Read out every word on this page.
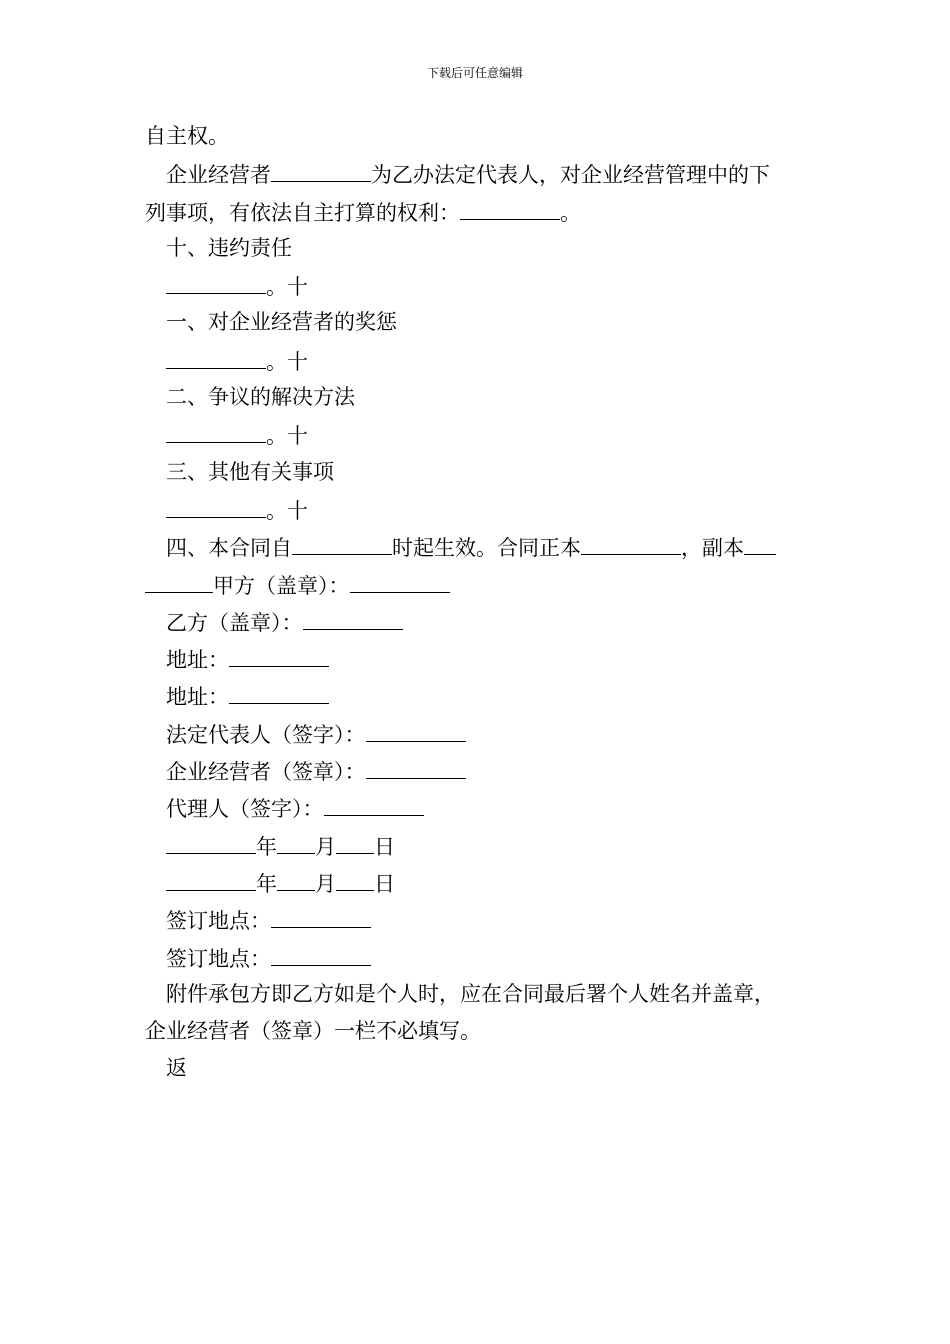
下载后可任意编辑
自主权。
企业经营者	为乙办法定代表人，对企业经营管理中的下
列事项，有依法自主打算的权利：	。
十、违约责任
。十
一、对企业经营者的奖惩
。十
二、争议的解决方法
。十
三、其他有关事项
。十
四、本合同自	时起生效。合同正本	，副本
甲方（盖章）：
乙方（盖章）：
地址：
地址：
法定代表人（签字）：
企业经营者（签章）：
代理人（签字）：
年 月 日
年 月 日
签订地点：
签订地点：
附件承包方即乙方如是个人时，应在合同最后署个人姓名并盖章，
企业经营者（签章）一栏不必填写。
返
